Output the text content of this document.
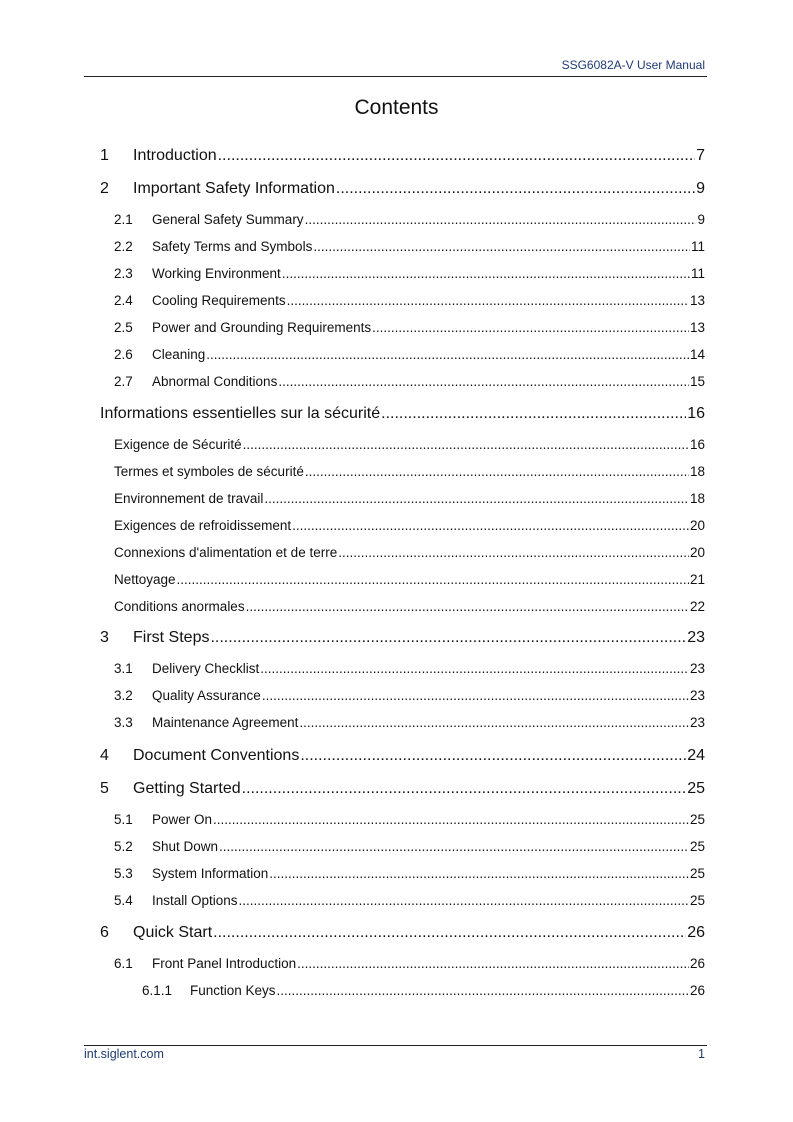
SSG6082A-V User Manual
Contents
1	Introduction .....	7
2	Important Safety Information .....	9
2.1	General Safety Summary .....	9
2.2	Safety Terms and Symbols .....	11
2.3	Working Environment .....	11
2.4	Cooling Requirements .....	13
2.5	Power and Grounding Requirements .....	13
2.6	Cleaning .....	14
2.7	Abnormal Conditions .....	15
Informations essentielles sur la sécurité .....	16
Exigence de Sécurité .....	16
Termes et symboles de sécurité .....	18
Environnement de travail .....	18
Exigences de refroidissement .....	20
Connexions d'alimentation et de terre .....	20
Nettoyage .....	21
Conditions anormales .....	22
3	First Steps .....	23
3.1	Delivery Checklist .....	23
3.2	Quality Assurance .....	23
3.3	Maintenance Agreement .....	23
4	Document Conventions .....	24
5	Getting Started .....	25
5.1	Power On .....	25
5.2	Shut Down .....	25
5.3	System Information .....	25
5.4	Install Options .....	25
6	Quick Start .....	26
6.1	Front Panel Introduction .....	26
6.1.1	Function Keys .....	26
int.siglent.com	1
